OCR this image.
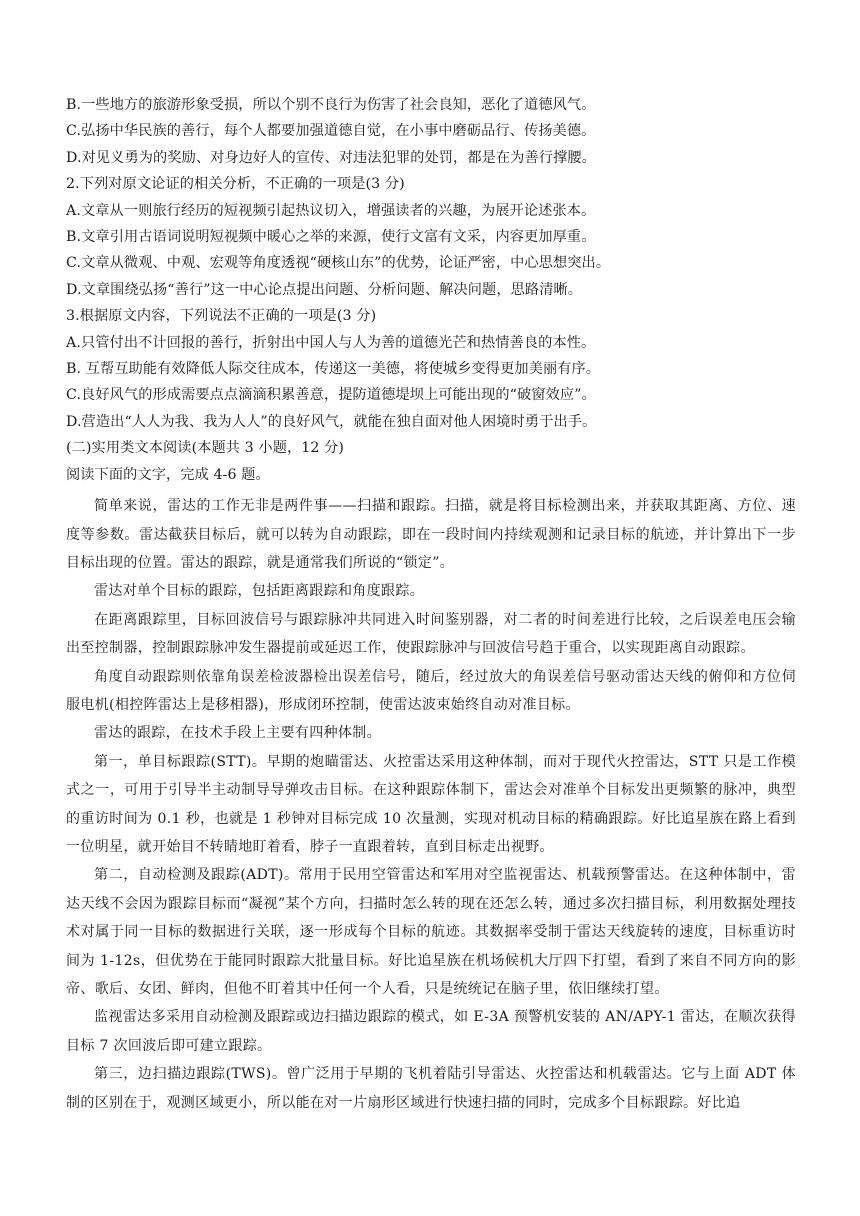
B.一些地方的旅游形象受损，所以个别不良行为伤害了社会良知，恶化了道德风气。
C.弘扬中华民族的善行，每个人都要加强道德自觉，在小事中磨砺品行、传扬美德。
D.对见义勇为的奖励、对身边好人的宣传、对违法犯罪的处罚，都是在为善行撑腰。
2.下列对原文论证的相关分析，不正确的一项是(3 分)
A.文章从一则旅行经历的短视频引起热议切入，增强读者的兴趣，为展开论述张本。
B.文章引用古语词说明短视频中暖心之举的来源，使行文富有文采，内容更加厚重。
C.文章从微观、中观、宏观等角度透视“硬核山东”的优势，论证严密，中心思想突出。
D.文章围绕弘扬“善行”这一中心论点提出问题、分析问题、解决问题，思路清晰。
3.根据原文内容，下列说法不正确的一项是(3 分)
A.只管付出不计回报的善行，折射出中国人与人为善的道德光芒和热情善良的本性。
B. 互帮互助能有效降低人际交往成本，传递这一美德，将使城乡变得更加美丽有序。
C.良好风气的形成需要点点滴滴积累善意，提防道德堤坝上可能出现的“破窗效应”。
D.营造出“人人为我、我为人人”的良好风气，就能在独自面对他人困境时勇于出手。
(二)实用类文本阅读(本题共 3 小题，12 分)
阅读下面的文字，完成 4-6 题。

简单来说，雷达的工作无非是两件事——扫描和跟踪。扫描，就是将目标检测出来，并获取其距离、方位、速度等参数。雷达截获目标后，就可以转为自动跟踪，即在一段时间内持续观测和记录目标的航迹，并计算出下一步目标出现的位置。雷达的跟踪，就是通常我们所说的“锁定”。

雷达对单个目标的跟踪，包括距离跟踪和角度跟踪。

在距离跟踪里，目标回波信号与跟踪脉冲共同进入时间鉴别器，对二者的时间差进行比较，之后误差电压会输出至控制器，控制跟踪脉冲发生器提前或延迟工作，使跟踪脉冲与回波信号趋于重合，以实现距离自动跟踪。

角度自动跟踪则依靠角误差检波器检出误差信号，随后，经过放大的角误差信号驱动雷达天线的俯仰和方位伺服电机(相控阵雷达上是移相器)，形成闭环控制，使雷达波束始终自动对准目标。

雷达的跟踪，在技术手段上主要有四种体制。

第一，单目标跟踪(STT)。早期的炮瞄雷达、火控雷达采用这种体制，而对于现代火控雷达，STT 只是工作模式之一，可用于引导半主动制导导弹攻击目标。在这种跟踪体制下，雷达会对准单个目标发出更频繁的脉冲，典型的重访时间为 0.1 秒，也就是 1 秒钟对目标完成 10 次量测，实现对机动目标的精确跟踪。好比追星族在路上看到一位明星，就开始目不转睛地盯着看，脖子一直跟着转，直到目标走出视野。

第二，自动检测及跟踪(ADT)。常用于民用空管雷达和军用对空监视雷达、机载预警雷达。在这种体制中，雷达天线不会因为跟踪目标而“凝视”某个方向，扫描时怎么转的现在还怎么转，通过多次扫描目标，利用数据处理技术对属于同一目标的数据进行关联，逐一形成每个目标的航迹。其数据率受制于雷达天线旋转的速度，目标重访时间为 1-12s，但优势在于能同时跟踪大批量目标。好比追星族在机场候机大厅四下打望，看到了来自不同方向的影帝、歌后、女团、鲜肉，但他不盯着其中任何一个人看，只是统统记在脑子里，依旧继续打望。

监视雷达多采用自动检测及跟踪或边扫描边跟踪的模式，如 E-3A 预警机安装的 AN/APY-1 雷达，在顺次获得目标 7 次回波后即可建立跟踪。

第三，边扫描边跟踪(TWS)。曾广泛用于早期的飞机着陆引导雷达、火控雷达和机载雷达。它与上面 ADT 体制的区别在于，观测区域更小，所以能在对一片扇形区域进行快速扫描的同时，完成多个目标跟踪。好比追
